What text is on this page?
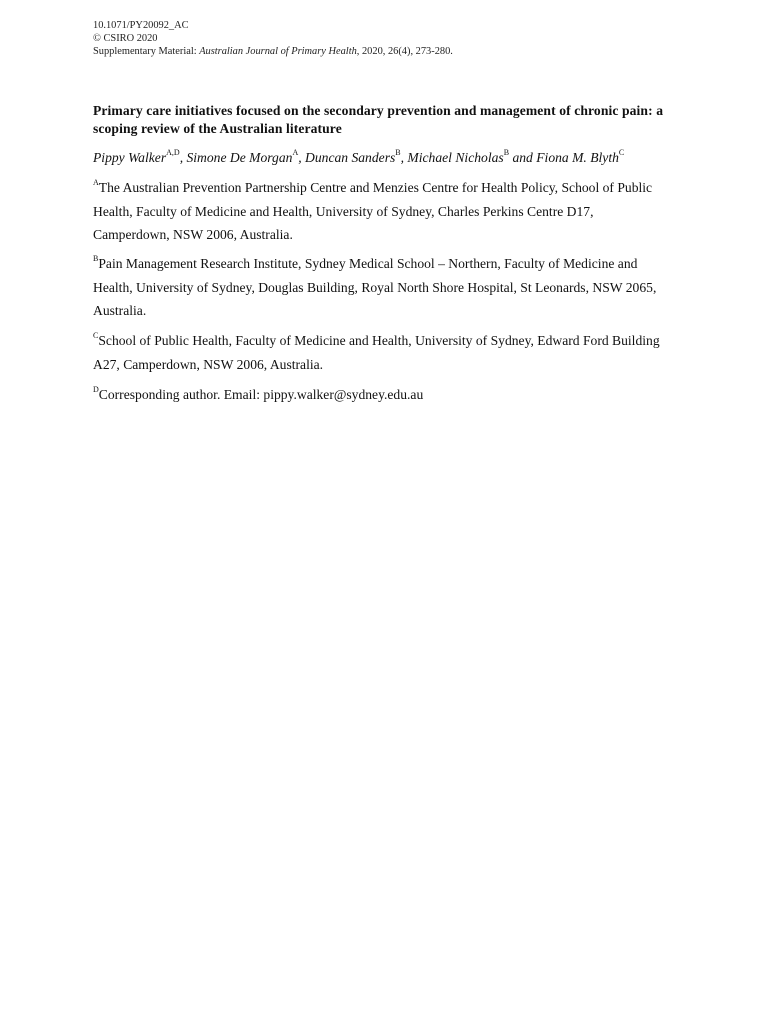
10.1071/PY20092_AC
© CSIRO 2020
Supplementary Material: Australian Journal of Primary Health, 2020, 26(4), 273-280.
Primary care initiatives focused on the secondary prevention and management of chronic pain: a scoping review of the Australian literature
Pippy Walker$^{A,D}$, Simone De Morgan$^A$, Duncan Sanders$^B$, Michael Nicholas$^B$ and Fiona M. Blyth$^C$
$^A$The Australian Prevention Partnership Centre and Menzies Centre for Health Policy, School of Public Health, Faculty of Medicine and Health, University of Sydney, Charles Perkins Centre D17, Camperdown, NSW 2006, Australia.
$^B$Pain Management Research Institute, Sydney Medical School – Northern, Faculty of Medicine and Health, University of Sydney, Douglas Building, Royal North Shore Hospital, St Leonards, NSW 2065, Australia.
$^C$School of Public Health, Faculty of Medicine and Health, University of Sydney, Edward Ford Building A27, Camperdown, NSW 2006, Australia.
$^D$Corresponding author. Email: pippy.walker@sydney.edu.au
